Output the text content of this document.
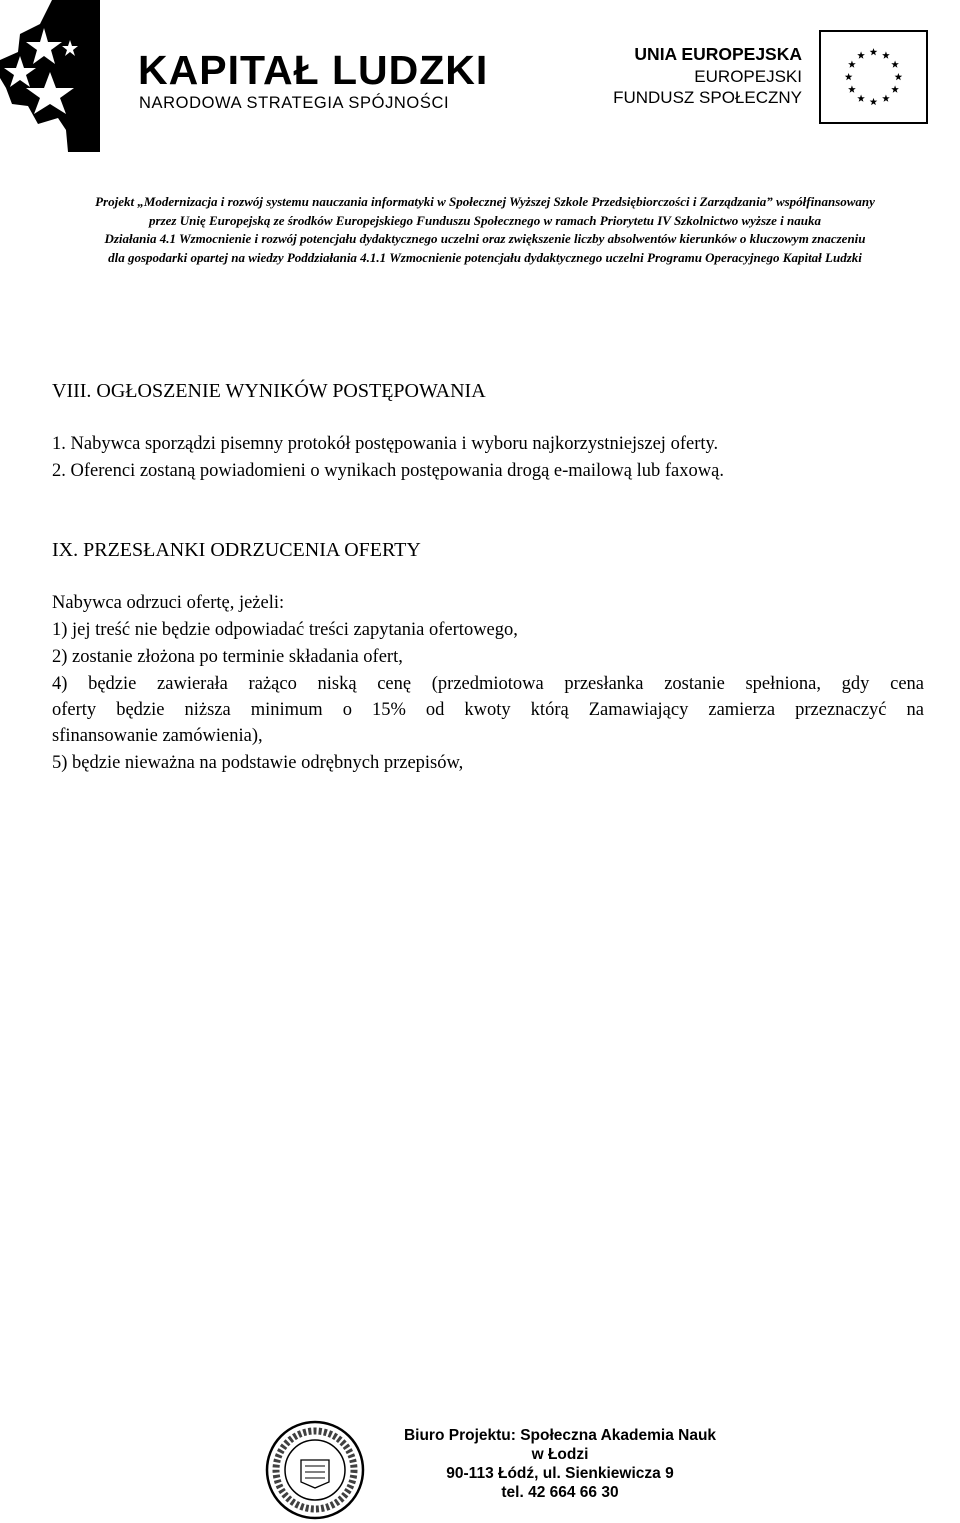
KAPITAŁ LUDZKI
NARODOWA STRATEGIA SPÓJNOŚCI
UNIA EUROPEJSKA
EUROPEJSKI
FUNDUSZ SPOŁECZNY
Projekt „Modernizacja i rozwój systemu nauczania informatyki w Społecznej Wyższej Szkole Przedsiębiorczości i Zarządzania” współfinansowany
przez Unię Europejską ze środków Europejskiego Funduszu Społecznego w ramach Priorytetu IV Szkolnictwo wyższe i nauka
Działania 4.1 Wzmocnienie i rozwój potencjału dydaktycznego uczelni oraz zwiększenie liczby absolwentów kierunków o kluczowym znaczeniu
dla gospodarki opartej na wiedzy Poddziałania 4.1.1 Wzmocnienie potencjału dydaktycznego uczelni Programu Operacyjnego Kapitał Ludzki
VIII. OGŁOSZENIE WYNIKÓW POSTĘPOWANIA
1. Nabywca sporządzi pisemny protokół postępowania i wyboru najkorzystniejszej oferty.
2. Oferenci zostaną powiadomieni o wynikach postępowania drogą e-mailową lub faxową.
IX. PRZESŁANKI ODRZUCENIA OFERTY
Nabywca odrzuci ofertę, jeżeli:
1) jej treść nie będzie odpowiadać treści zapytania ofertowego,
2) zostanie złożona po terminie składania ofert,
4) będzie zawierała rażąco niską cenę (przedmiotowa przesłanka zostanie spełniona, gdy cena
oferty będzie niższa minimum o 15% od kwoty którą Zamawiający zamierza przeznaczyć na
sfinansowanie zamówienia),
5) będzie nieważna na podstawie odrębnych przepisów,
Biuro Projektu: Społeczna Akademia Nauk
w Łodzi
90-113 Łódź, ul. Sienkiewicza 9
tel. 42 664 66 30
